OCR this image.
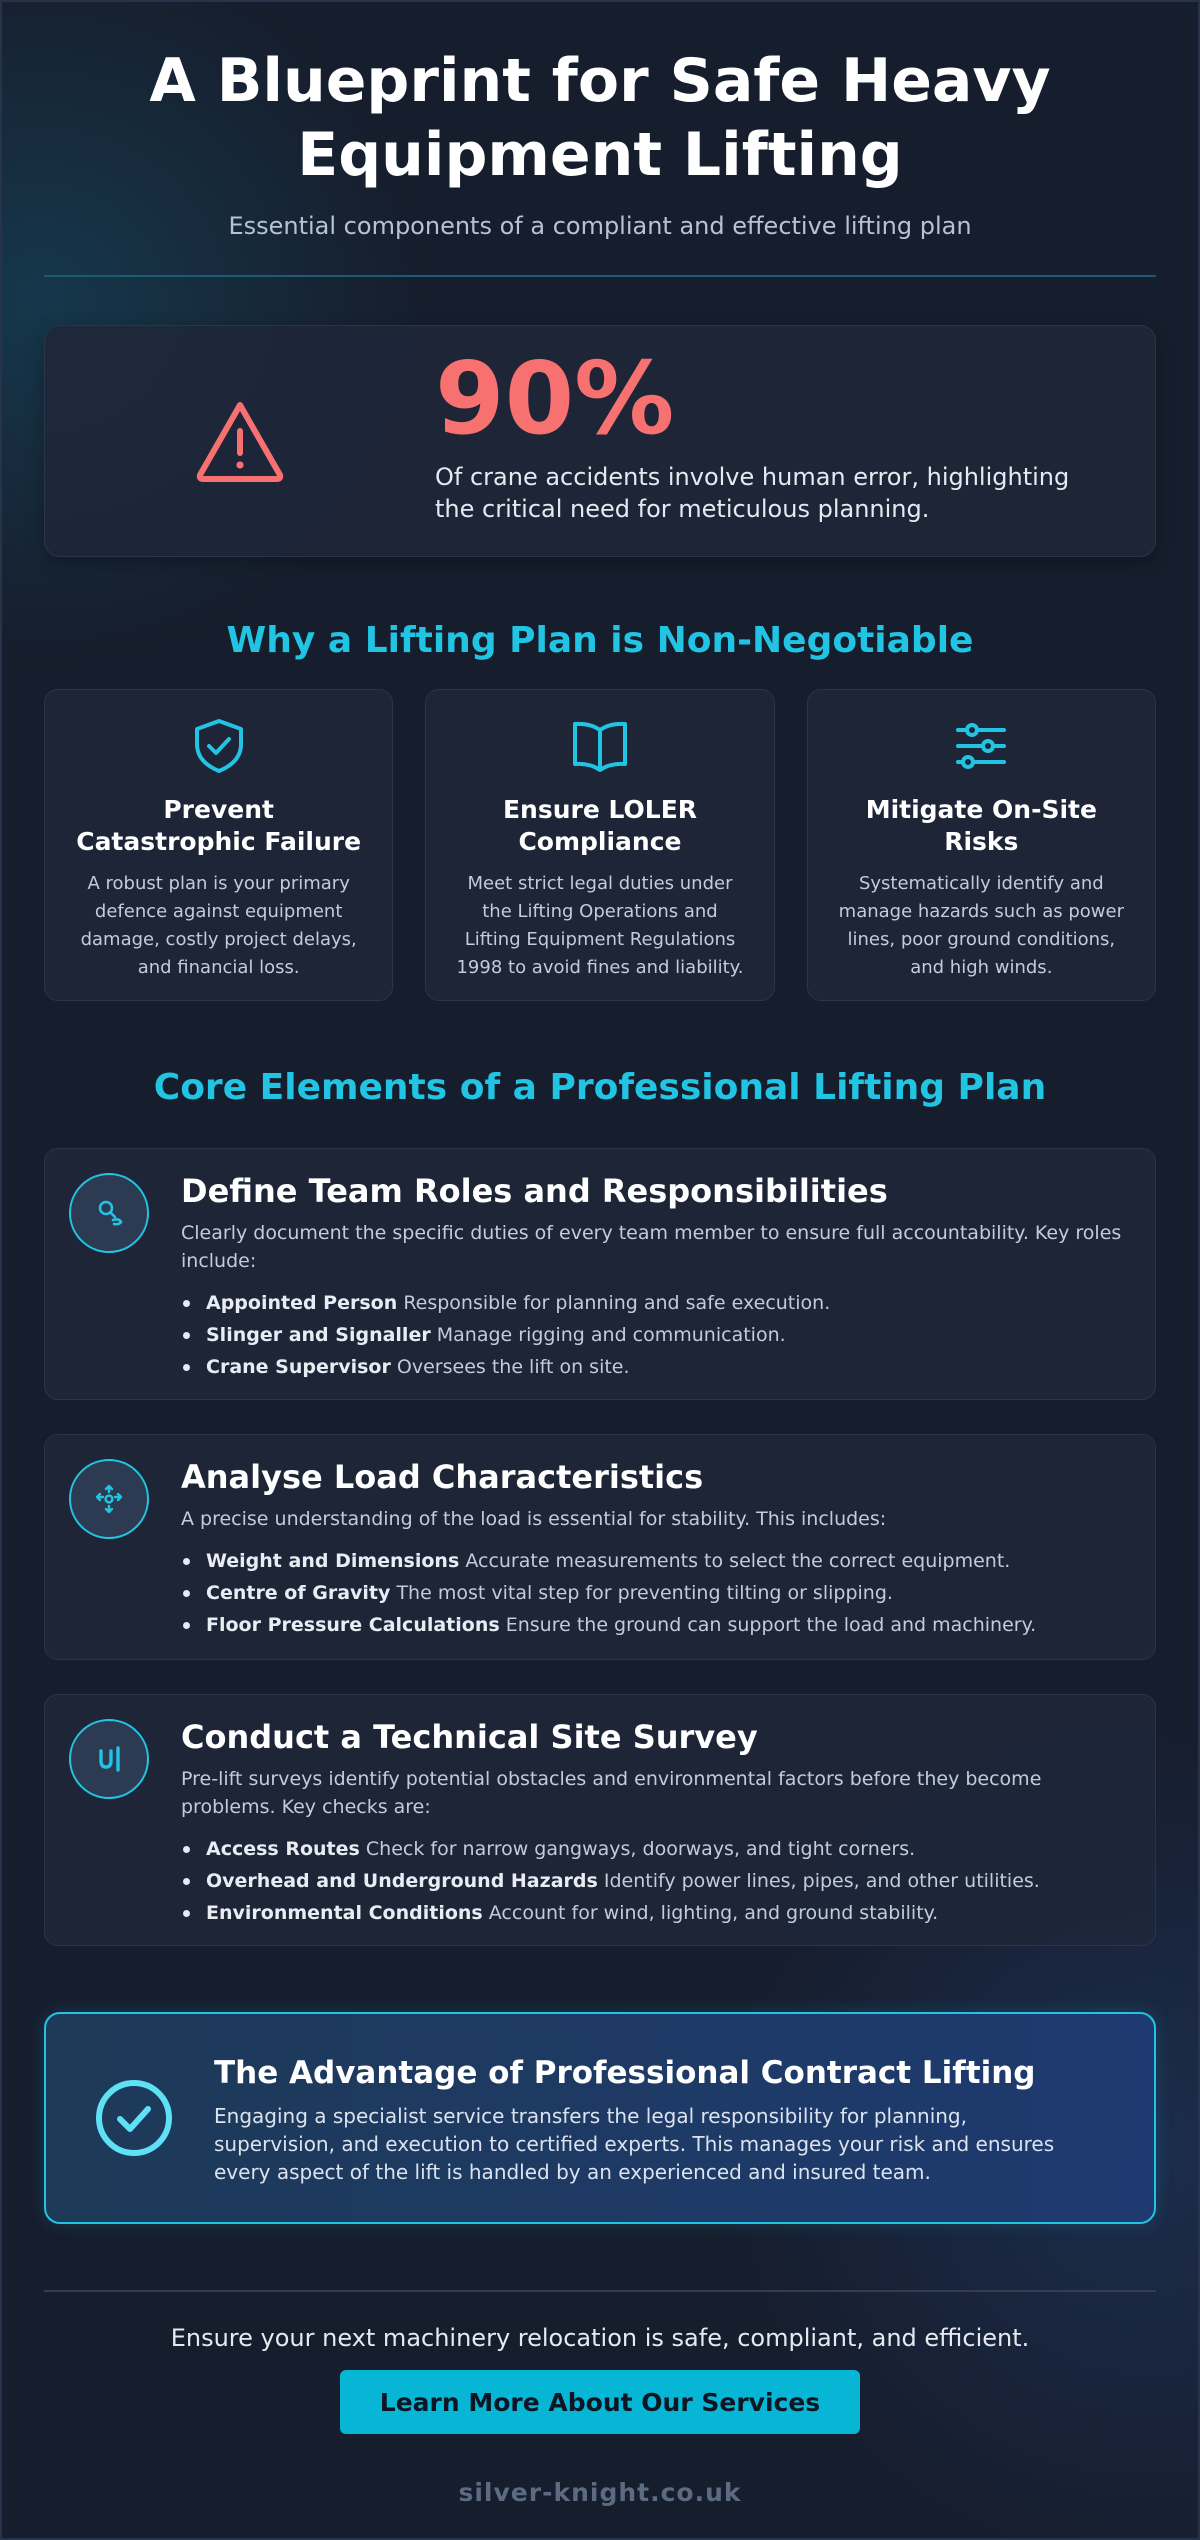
A Blueprint for Safe Heavy
Equipment Lifting

Essential components of a compliant and effective lifting plan

90%

Of crane accidents involve human error, highlighting the critical need for meticulous planning.

Why a Lifting Plan is Non-Negotiable
Prevent Catastrophic Failure

A robust plan is your primary defence against equipment damage, costly project delays, and financial loss.

Ensure LOLER Compliance

Meet strict legal duties under the Lifting Operations and Lifting Equipment Regulations 1998 to avoid fines and liability.

Mitigate On-Site Risks

Systematically identify and manage hazards such as power lines, poor ground conditions, and high winds.

Core Elements of a Professional Lifting Plan
Define Team Roles and Responsibilities

Clearly document the specific duties of every team member to ensure full accountability. Key roles include:

Appointed Person Responsible for planning and safe execution.
Slinger and Signaller Manage rigging and communication.
Crane Supervisor Oversees the lift on site.
Analyse Load Characteristics

A precise understanding of the load is essential for stability. This includes:

Weight and Dimensions Accurate measurements to select the correct equipment.
Centre of Gravity The most vital step for preventing tilting or slipping.
Floor Pressure Calculations Ensure the ground can support the load and machinery.
Conduct a Technical Site Survey

Pre-lift surveys identify potential obstacles and environmental factors before they become problems. Key checks are:

Access Routes Check for narrow gangways, doorways, and tight corners.
Overhead and Underground Hazards Identify power lines, pipes, and other utilities.
Environmental Conditions Account for wind, lighting, and ground stability.
The Advantage of Professional Contract Lifting

Engaging a specialist service transfers the legal responsibility for planning, supervision, and execution to certified experts. This manages your risk and ensures every aspect of the lift is handled by an experienced and insured team.

Ensure your next machinery relocation is safe, compliant, and efficient.

Learn More About Our Services

silver-knight.co.uk
